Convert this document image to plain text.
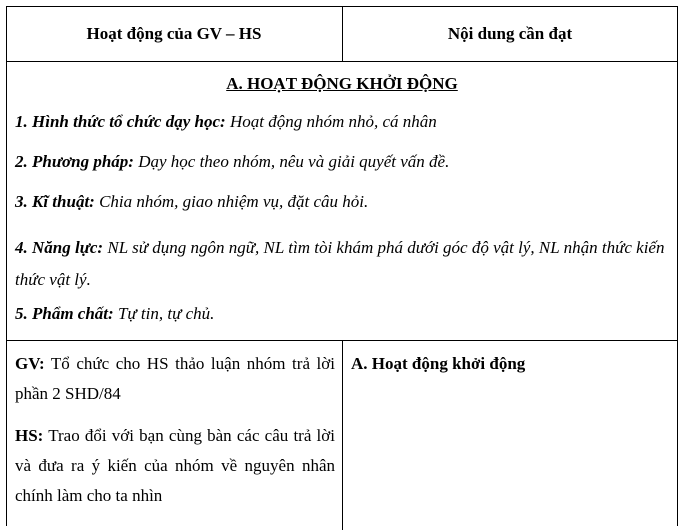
Hoạt động của GV – HS	Nội dung cần đạt
A. HOẠT ĐỘNG KHỞI ĐỘNG
1. Hình thức tổ chức dạy học: Hoạt động nhóm nhỏ, cá nhân
2. Phương pháp: Dạy học theo nhóm, nêu và giải quyết vấn đề.
3. Kĩ thuật: Chia nhóm, giao nhiệm vụ, đặt câu hỏi.
4. Năng lực: NL sử dụng ngôn ngữ, NL tìm tòi khám phá dưới góc độ vật lý, NL nhận thức kiến thức vật lý.
5. Phẩm chất: Tự tin, tự chủ.
GV: Tổ chức cho HS thảo luận nhóm trả lời phần 2 SHD/84
HS: Trao đổi với bạn cùng bàn các câu trả lời và đưa ra ý kiến của nhóm về nguyên nhân chính làm cho ta nhìn
A. Hoạt động khởi động
